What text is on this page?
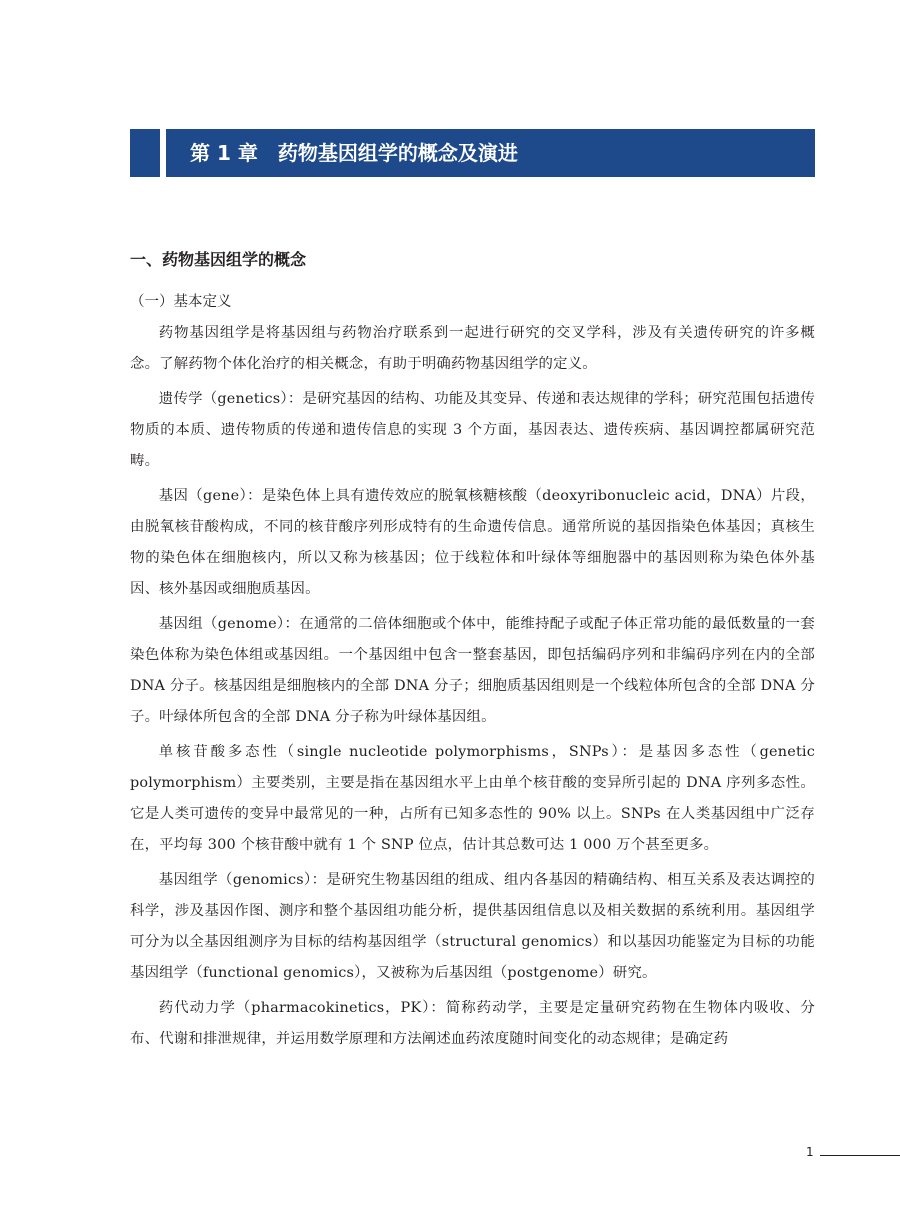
第 1 章　药物基因组学的概念及演进
一、药物基因组学的概念
（一）基本定义

药物基因组学是将基因组与药物治疗联系到一起进行研究的交叉学科，涉及有关遗传研究的许多概念。了解药物个体化治疗的相关概念，有助于明确药物基因组学的定义。

遗传学（genetics）：是研究基因的结构、功能及其变异、传递和表达规律的学科；研究范围包括遗传物质的本质、遗传物质的传递和遗传信息的实现 3 个方面，基因表达、遗传疾病、基因调控都属研究范畴。

基因（gene）：是染色体上具有遗传效应的脱氧核糖核酸（deoxyribonucleic acid，DNA）片段，由脱氧核苷酸构成，不同的核苷酸序列形成特有的生命遗传信息。通常所说的基因指染色体基因；真核生物的染色体在细胞核内，所以又称为核基因；位于线粒体和叶绿体等细胞器中的基因则称为染色体外基因、核外基因或细胞质基因。

基因组（genome）：在通常的二倍体细胞或个体中，能维持配子或配子体正常功能的最低数量的一套染色体称为染色体组或基因组。一个基因组中包含一整套基因，即包括编码序列和非编码序列在内的全部 DNA 分子。核基因组是细胞核内的全部 DNA 分子；细胞质基因组则是一个线粒体所包含的全部 DNA 分子。叶绿体所包含的全部 DNA 分子称为叶绿体基因组。

单核苷酸多态性（single nucleotide polymorphisms，SNPs）：是基因多态性（genetic polymorphism）主要类别，主要是指在基因组水平上由单个核苷酸的变异所引起的 DNA 序列多态性。它是人类可遗传的变异中最常见的一种，占所有已知多态性的 90% 以上。SNPs 在人类基因组中广泛存在，平均每 300 个核苷酸中就有 1 个 SNP 位点，估计其总数可达 1 000 万个甚至更多。

基因组学（genomics）：是研究生物基因组的组成、组内各基因的精确结构、相互关系及表达调控的科学，涉及基因作图、测序和整个基因组功能分析，提供基因组信息以及相关数据的系统利用。基因组学可分为以全基因组测序为目标的结构基因组学（structural genomics）和以基因功能鉴定为目标的功能基因组学（functional genomics），又被称为后基因组（postgenome）研究。

药代动力学（pharmacokinetics，PK）：简称药动学，主要是定量研究药物在生物体内吸收、分布、代谢和排泄规律，并运用数学原理和方法阐述血药浓度随时间变化的动态规律；是确定药

1
